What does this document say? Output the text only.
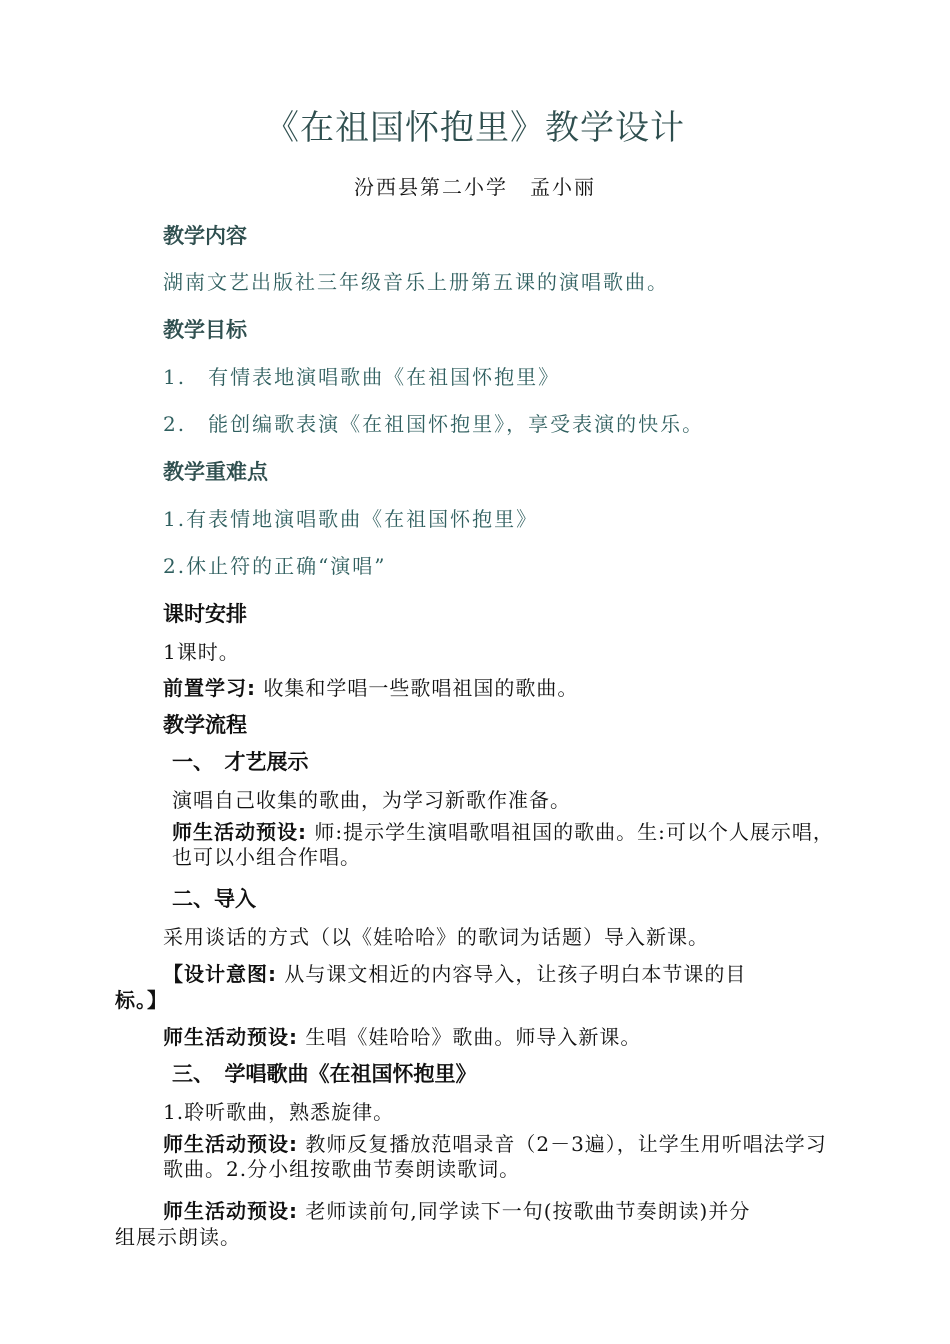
《在祖国怀抱里》教学设计
汾西县第二小学　孟小丽
教学内容
湖南文艺出版社三年级音乐上册第五课的演唱歌曲。
教学目标
1.　有情表地演唱歌曲《在祖国怀抱里》
2.　能创编歌表演《在祖国怀抱里》，享受表演的快乐。
教学重难点
1.有表情地演唱歌曲《在祖国怀抱里》
2.休止符的正确“演唱”
课时安排
1课时。
前置学习: 收集和学唱一些歌唱祖国的歌曲。
教学流程
一、　才艺展示
演唱自己收集的歌曲，为学习新歌作准备。
师生活动预设: 师:提示学生演唱歌唱祖国的歌曲。生:可以个人展示唱，也可以小组合作唱。
二、导入
采用谈话的方式（以《娃哈哈》的歌词为话题）导入新课。
【设计意图: 从与课文相近的内容导入，让孩子明白本节课的目
标。】
师生活动预设: 生唱《娃哈哈》歌曲。师导入新课。
三、　学唱歌曲《在祖国怀抱里》
1.聆听歌曲，熟悉旋律。
师生活动预设: 教师反复播放范唱录音（2－3遍），让学生用听唱法学习歌曲。2.分小组按歌曲节奏朗读歌词。
师生活动预设: 老师读前句,同学读下一句(按歌曲节奏朗读)并分
组展示朗读。
